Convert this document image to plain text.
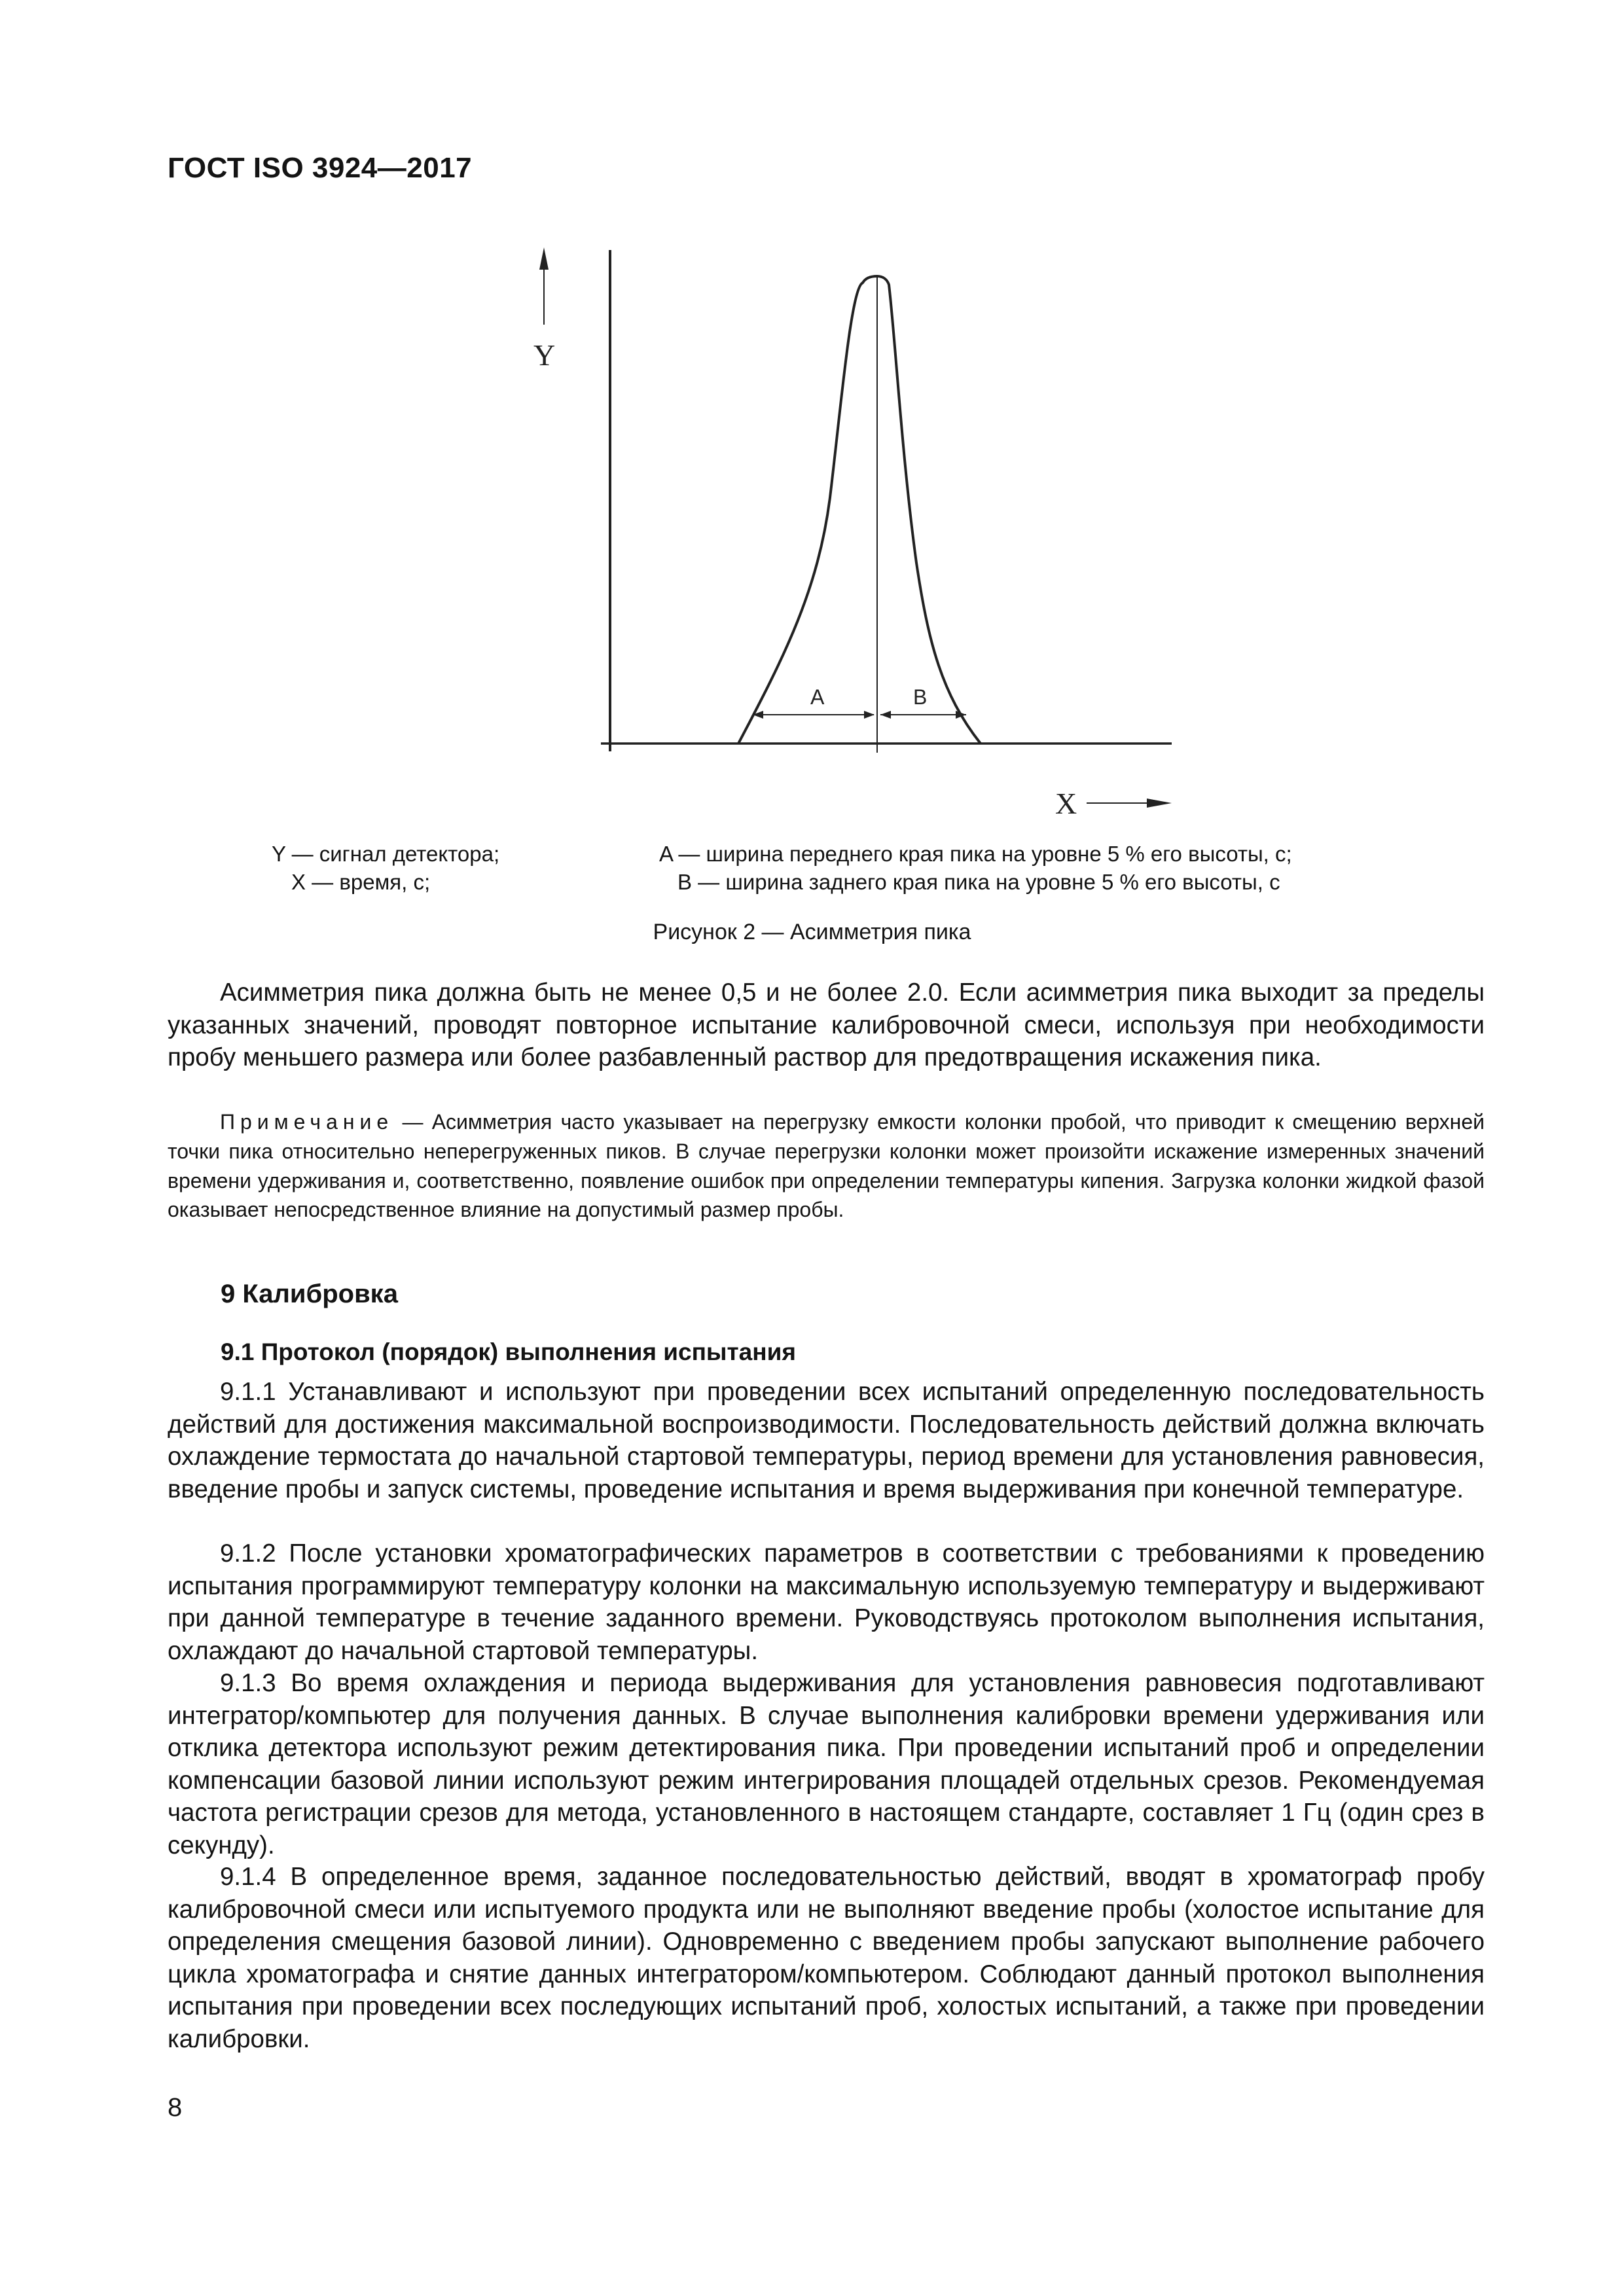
ГОСТ ISO 3924—2017
Y
X
A	B
Y — сигнал детектора;
X — время, с;
A — ширина переднего края пика на уровне 5 % его высоты, с;
B — ширина заднего края пика на уровне 5 % его высоты, с
Рисунок 2 — Асимметрия пика

Асимметрия пика должна быть не менее 0,5 и не более 2.0. Если асимметрия пика выходит за пределы указанных значений, проводят повторное испытание калибровочной смеси, используя при необходимости пробу меньшего размера или более разбавленный раствор для предотвращения искажения пика.

Примечание — Асимметрия часто указывает на перегрузку емкости колонки пробой, что приводит к смещению верхней точки пика относительно неперегруженных пиков. В случае перегрузки колонки может произойти искажение измеренных значений времени удерживания и, соответственно, появление ошибок при определении температуры кипения. Загрузка колонки жидкой фазой оказывает непосредственное влияние на допустимый размер пробы.

9 Калибровка
9.1 Протокол (порядок) выполнения испытания

9.1.1 Устанавливают и используют при проведении всех испытаний определенную последовательность действий для достижения максимальной воспроизводимости. Последовательность действий должна включать охлаждение термостата до начальной стартовой температуры, период времени для установления равновесия, введение пробы и запуск системы, проведение испытания и время выдерживания при конечной температуре.

9.1.2 После установки хроматографических параметров в соответствии с требованиями к проведению испытания программируют температуру колонки на максимальную используемую температуру и выдерживают при данной температуре в течение заданного времени. Руководствуясь протоколом выполнения испытания, охлаждают до начальной стартовой температуры.

9.1.3 Во время охлаждения и периода выдерживания для установления равновесия подготавливают интегратор/компьютер для получения данных. В случае выполнения калибровки времени удерживания или отклика детектора используют режим детектирования пика. При проведении испытаний проб и определении компенсации базовой линии используют режим интегрирования площадей отдельных срезов. Рекомендуемая частота регистрации срезов для метода, установленного в настоящем стандарте, составляет 1 Гц (один срез в секунду).

9.1.4 В определенное время, заданное последовательностью действий, вводят в хроматограф пробу калибровочной смеси или испытуемого продукта или не выполняют введение пробы (холостое испытание для определения смещения базовой линии). Одновременно с введением пробы запускают выполнение рабочего цикла хроматографа и снятие данных интегратором/компьютером. Соблюдают данный протокол выполнения испытания при проведении всех последующих испытаний проб, холостых испытаний, а также при проведении калибровки.

8
